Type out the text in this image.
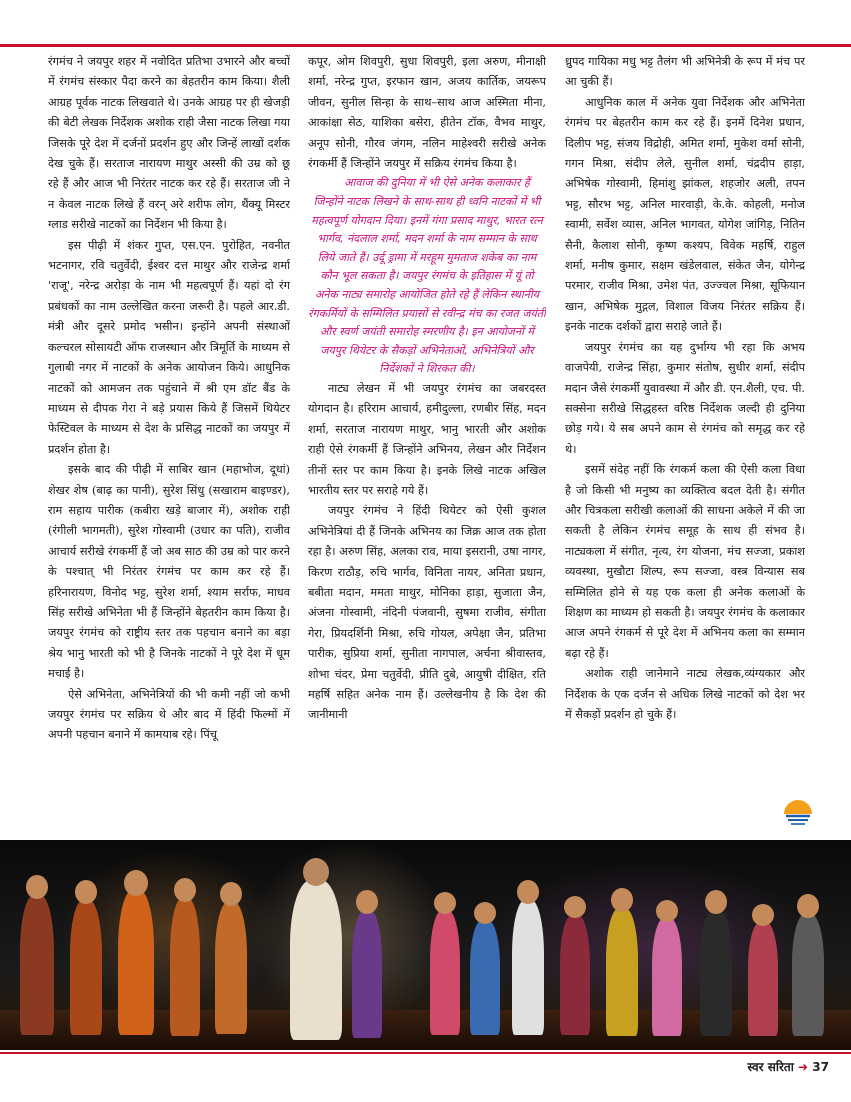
रंगमंच ने जयपुर शहर में नवोदित प्रतिभा उभारने और बच्चों में रंगमंच संस्कार पैदा करने का बेहतरीन काम किया। शैली आग्रह पूर्वक नाटक लिखवाते थे। उनके आग्रह पर ही खेजड़ी की बेटी लेखक निर्देशक अशोक राही जैसा नाटक लिखा गया जिसके पूरे देश में दर्जनों प्रदर्शन हुए और जिन्हें लाखों दर्शक देख चुके हैं। सरताज नारायण माथुर अस्सी की उम्र को छू रहे हैं और आज भी निरंतर नाटक कर रहे हैं। सरताज जी ने न केवल नाटक लिखे हैं वरन् अरे शरीफ लोग, थैंक्यू मिस्टर ग्लाड सरीखे नाटकों का निर्देशन भी किया है।

इस पीढ़ी में शंकर गुप्त, एस.एन. पुरोहित, नवनीत भटनागर, रवि चतुर्वेदी, ईश्वर दत्त माथुर और राजेन्द्र शर्मा 'राजू', नरेन्द्र अरोड़ा के नाम भी महत्वपूर्ण हैं। यहां दो रंग प्रबंधकों का नाम उल्लेखित करना जरूरी है। पहले आर.डी. मंत्री और दूसरे प्रमोद भसीन। इन्होंने अपनी संस्थाओं कल्चरल सोसायटी ऑफ राजस्थान और त्रिमूर्ति के माध्यम से गुलाबी नगर में नाटकों के अनेक आयोजन किये। आधुनिक नाटकों को आमजन तक पहुंचाने में श्री एम डॉट बैंड के माध्यम से दीपक गेरा ने बड़े प्रयास किये हैं जिसमें थियेटर फेस्टिवल के माध्यम से देश के प्रसिद्ध नाटकों का जयपुर में प्रदर्शन होता है।

इसके बाद की पीढ़ी में साबिर खान (महाभोज, दूधां) शेखर शेष (बाढ़ का पानी), सुरेश सिंधु (सखाराम बाइण्डर), राम सहाय पारीक (कबीरा खड़े बाजार में), अशोक राही (रंगीली भागमती), सुरेश गोस्वामी (उधार का पति), राजीव आचार्य सरीखे रंगकर्मी हैं जो अब साठ की उम्र को पार करने के पश्चात् भी निरंतर रंगमंच पर काम कर रहे हैं। हरिनारायण, विनोद भट्ट, सुरेश शर्मा, श्याम सर्राफ, माधव सिंह सरीखे अभिनेता भी हैं जिन्होंने बेहतरीन काम किया है। जयपुर रंगमंच को राष्ट्रीय स्तर तक पहचान बनाने का बड़ा श्रेय भानु भारती को भी है जिनके नाटकों ने पूरे देश में धूम मचाई है।

ऐसे अभिनेता, अभिनेत्रियों की भी कमी नहीं जो कभी जयपुर रंगमंच पर सक्रिय थे और बाद में हिंदी फिल्मों में अपनी पहचान बनाने में कामयाब रहे। पिंचू

कपूर, ओम शिवपुरी, सुधा शिवपुरी, इला अरुण, मीनाक्षी शर्मा, नरेन्द्र गुप्त, इरफान खान, अजय कार्तिक, जयरूप जीवन, सुनील सिन्हा के साथ–साथ आज अस्मिता मीना, आकांक्षा सेठ, याशिका बसेरा, हीतेन टॉक, वैभव माथुर, अनूप सोनी, गौरव जंगम, नलिन माहेश्वरी सरीखे अनेक रंगकर्मी हैं जिन्होंने जयपुर में सक्रिय रंगमंच किया है।

आवाज की दुनिया में भी ऐसे अनेक कलाकार हैं जिन्होंने नाटक लिखने के साथ-साथ ही ध्वनि नाटकों में भी महत्वपूर्ण योगदान दिया। इनमें गंगा प्रसाद माथुर, भारत रत्न भार्गव, नंदलाल शर्मा, मदन शर्मा के नाम सम्मान के साथ लिये जाते हैं। उर्दू ड्रामा में मरहूम मुमताज शकेब का नाम कौन भूल सकता है। जयपुर रंगमंच के इतिहास में यूं तो अनेक नाट्य समारोह आयोजित होते रहे हैं लेकिन स्थानीय रंगकर्मियों के सम्मिलित प्रयासों से रवीन्द्र मंच का रजत जयंती और स्वर्ण जयंती समारोह स्मरणीय है। इन आयोजनों में जयपुर थियेटर के सैकड़ों अभिनेताओं, अभिनेत्रियों और निर्देशकों ने शिरकत की।

नाट्य लेखन में भी जयपुर रंगमंच का जबरदस्त योगदान है। हरिराम आचार्य, हमीदुल्ला, रणबीर सिंह, मदन शर्मा, सरताज नारायण माथुर, भानु भारती और अशोक राही ऐसे रंगकर्मी हैं जिन्होंने अभिनय, लेखन और निर्देशन तीनों स्तर पर काम किया है। इनके लिखे नाटक अखिल भारतीय स्तर पर सराहे गये हैं।

जयपुर रंगमंच ने हिंदी थियेटर को ऐसी कुशल अभिनेत्रियां दी हैं जिनके अभिनय का जिक्र आज तक होता रहा है। अरुण सिंह, अलका राव, माया इसरानी, उषा नागर, किरण राठौड़, रुचि भार्गव, विनिता नायर, अनिता प्रधान, बबीता मदान, ममता माथुर, मोनिका हाड़ा, सुजाता जैन, अंजना गोस्वामी, नंदिनी पंजवानी, सुषमा राजीव, संगीता गेरा, प्रियदर्शिनी मिश्रा, रुचि गोयल, अपेक्षा जैन, प्रतिभा पारीक, सुप्रिया शर्मा, सुनीता नागपाल, अर्चना श्रीवास्तव, शोभा चंदर, प्रेमा चतुर्वेदी, प्रीति दुबे, आयुषी दीक्षित, रति महर्षि सहित अनेक नाम हैं। उल्लेखनीय है कि देश की जानीमानी

ध्रुपद गायिका मधु भट्ट तैलंग भी अभिनेत्री के रूप में मंच पर आ चुकी हैं।

आधुनिक काल में अनेक युवा निर्देशक और अभिनेता रंगमंच पर बेहतरीन काम कर रहे हैं। इनमें दिनेश प्रधान, दिलीप भट्ट, संजय विद्रोही, अमित शर्मा, मुकेश वर्मा सोनी, गगन मिश्रा, संदीप लेले, सुनील शर्मा, चंद्रदीप हाड़ा, अभिषेक गोस्वामी, हिमांशु झांकल, शहजोर अली, तपन भट्ट, सौरभ भट्ट, अनिल मारवाड़ी, के.के. कोहली, मनोज स्वामी, सर्वेश व्यास, अनिल भागवत, योगेश जांगिड़, नितिन सैनी, कैलाश सोनी, कृष्ण कश्यप, विवेक महर्षि, राहुल शर्मा, मनीष कुमार, सक्षम खंडेलवाल, संकेत जैन, योगेन्द्र परमार, राजीव मिश्रा, उमेश पंत, उज्ज्वल मिश्रा, सूफियान खान, अभिषेक मुद्गल, विशाल विजय निरंतर सक्रिय हैं। इनके नाटक दर्शकों द्वारा सराहे जाते हैं।

जयपुर रंगमंच का यह दुर्भाग्य भी रहा कि अभय वाजपेयी, राजेन्द्र सिंहा, कुमार संतोष, सुधीर शर्मा, संदीप मदान जैसे रंगकर्मी युवावस्था में और डी. एन.शैली, एच. पी. सक्सेना सरीखे सिद्धहस्त वरिष्ठ निर्देशक जल्दी ही दुनिया छोड़ गये। ये सब अपने काम से रंगमंच को समृद्ध कर रहे थे।

इसमें संदेह नहीं कि रंगकर्म कला की ऐसी कला विधा है जो किसी भी मनुष्य का व्यक्तित्व बदल देती है। संगीत और चित्रकला सरीखी कलाओं की साधना अकेले में की जा सकती है लेकिन रंगमंच समूह के साथ ही संभव है। नाट्यकला में संगीत, नृत्य, रंग योजना, मंच सज्जा, प्रकाश व्यवस्था, मुखौटा शिल्प, रूप सज्जा, वस्त्र विन्यास सब सम्मिलित होने से यह एक कला ही अनेक कलाओं के शिक्षण का माध्यम हो सकती है। जयपुर रंगमंच के कलाकार आज अपने रंगकर्म से पूरे देश में अभिनय कला का सम्मान बढ़ा रहे हैं।

अशोक राही जानेमाने नाट्य लेखक,व्यंग्यकार और निर्देशक के एक दर्जन से अधिक लिखे नाटकों को देश भर में सैकड़ों प्रदर्शन हो चुके हैं।

स्वर सरिता ➜ 37
